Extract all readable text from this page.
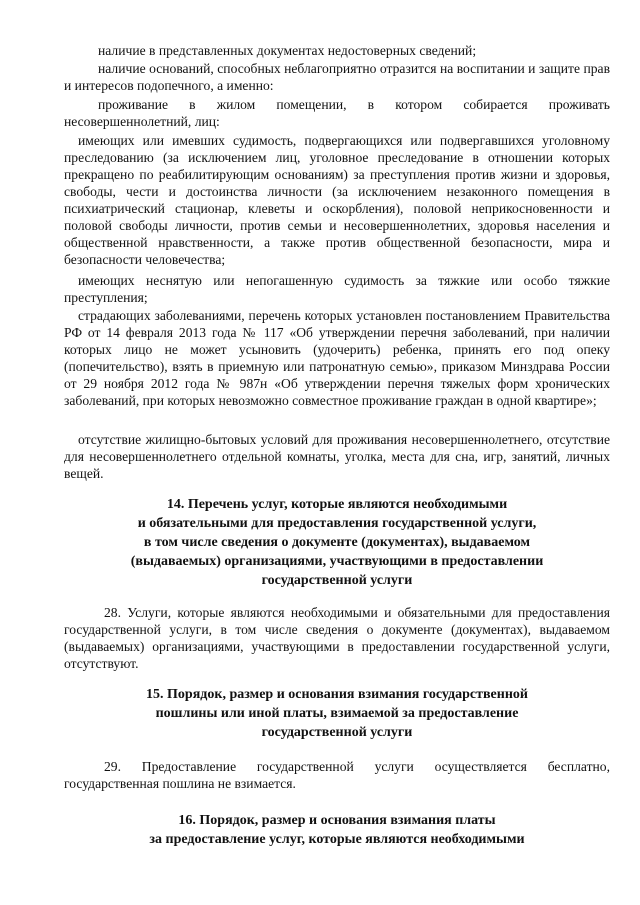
наличие в представленных документах недостоверных сведений;

наличие оснований, способных неблагоприятно отразится на воспитании и защите прав и интересов подопечного, а именно:

проживание в жилом помещении, в котором собирается проживать несовершеннолетний, лиц:

имеющих или имевших судимость, подвергающихся или подвергавшихся уголовному преследованию (за исключением лиц, уголовное преследование в отношении которых прекращено по реабилитирующим основаниям) за преступления против жизни и здоровья, свободы, чести и достоинства личности (за исключением незаконного помещения в психиатрический стационар, клеветы и оскорбления), половой неприкосновенности и половой свободы личности, против семьи и несовершеннолетних, здоровья населения и общественной нравственности, а также против общественной безопасности, мира и безопасности человечества;

имеющих неснятую или непогашенную судимость за тяжкие или особо тяжкие преступления;

страдающих заболеваниями, перечень которых установлен постановлением Правительства РФ от 14 февраля 2013 года № 117 «Об утверждении перечня заболеваний, при наличии которых лицо не может усыновить (удочерить) ребенка, принять его под опеку (попечительство), взять в приемную или патронатную семью», приказом Минздрава России от 29 ноября 2012 года № 987н «Об утверждении перечня тяжелых форм хронических заболеваний, при которых невозможно совместное проживание граждан в одной квартире»;

отсутствие жилищно-бытовых условий для проживания несовершеннолетнего, отсутствие для несовершеннолетнего отдельной комнаты, уголка, места для сна, игр, занятий, личных вещей.

14. Перечень услуг, которые являются необходимыми
и обязательными для предоставления государственной услуги,
в том числе сведения о документе (документах), выдаваемом
(выдаваемых) организациями, участвующими в предоставлении
государственной услуги

28. Услуги, которые являются необходимыми и обязательными для предоставления государственной услуги, в том числе сведения о документе (документах), выдаваемом (выдаваемых) организациями, участвующими в предоставлении государственной услуги, отсутствуют.

15. Порядок, размер и основания взимания государственной
пошлины или иной платы, взимаемой за предоставление
государственной услуги

29. Предоставление государственной услуги осуществляется бесплатно, государственная пошлина не взимается.

16. Порядок, размер и основания взимания платы
за предоставление услуг, которые являются необходимыми
